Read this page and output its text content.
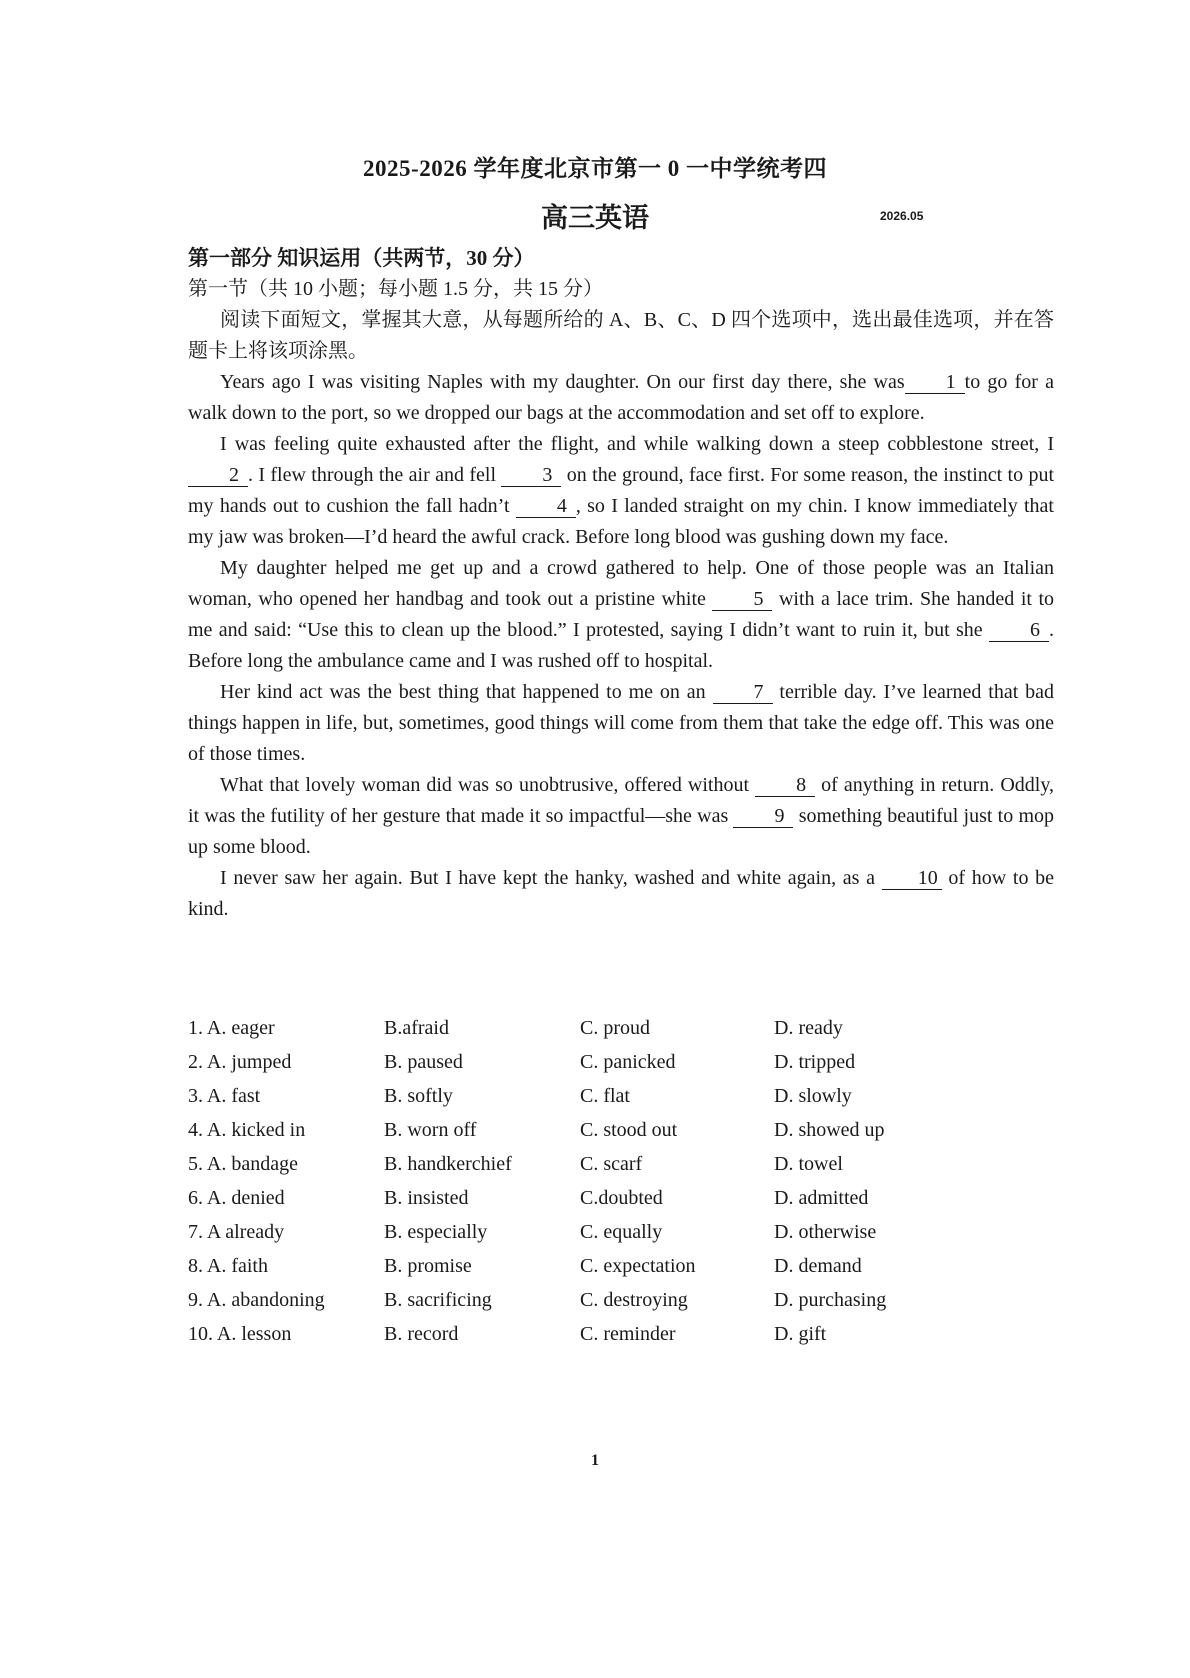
2025-2026 学年度北京市第一 0 一中学统考四
高三英语	2026.05

第一部分 知识运用（共两节，30 分）

第一节（共 10 小题；每小题 1.5 分，共 15 分）

阅读下面短文，掌握其大意，从每题所给的 A、B、C、D 四个选项中，选出最佳选项，并在答题卡上将该项涂黑。

Years ago I was visiting Naples with my daughter. On our first day there, she was 1 to go for a walk down to the port, so we dropped our bags at the accommodation and set off to explore.

I was feeling quite exhausted after the flight, and while walking down a steep cobblestone street, I 2 . I flew through the air and fell 3 on the ground, face first. For some reason, the instinct to put my hands out to cushion the fall hadn’t 4 , so I landed straight on my chin. I know immediately that my jaw was broken—I’d heard the awful crack. Before long blood was gushing down my face.

My daughter helped me get up and a crowd gathered to help. One of those people was an Italian woman, who opened her handbag and took out a pristine white 5 with a lace trim. She handed it to me and said: “Use this to clean up the blood.” I protested, saying I didn’t want to ruin it, but she 6 . Before long the ambulance came and I was rushed off to hospital.

Her kind act was the best thing that happened to me on an 7 terrible day. I’ve learned that bad things happen in life, but, sometimes, good things will come from them that take the edge off. This was one of those times.

What that lovely woman did was so unobtrusive, offered without 8 of anything in return. Oddly, it was the futility of her gesture that made it so impactful—she was 9 something beautiful just to mop up some blood.

I never saw her again. But I have kept the hanky, washed and white again, as a 10 of how to be kind.

1. A. eager	B.afraid	C. proud	D. ready
2. A. jumped	B. paused	C. panicked	D. tripped
3. A. fast	B. softly	C. flat	D. slowly
4. A. kicked in	B. worn off	C. stood out	D. showed up
5. A. bandage	B. handkerchief	C. scarf	D. towel
6. A. denied	B. insisted	C.doubted	D. admitted
7. A already	B. especially	C. equally	D. otherwise
8. A. faith	B. promise	C. expectation	D. demand
9. A. abandoning	B. sacrificing	C. destroying	D. purchasing
10. A. lesson	B. record	C. reminder	D. gift
1
